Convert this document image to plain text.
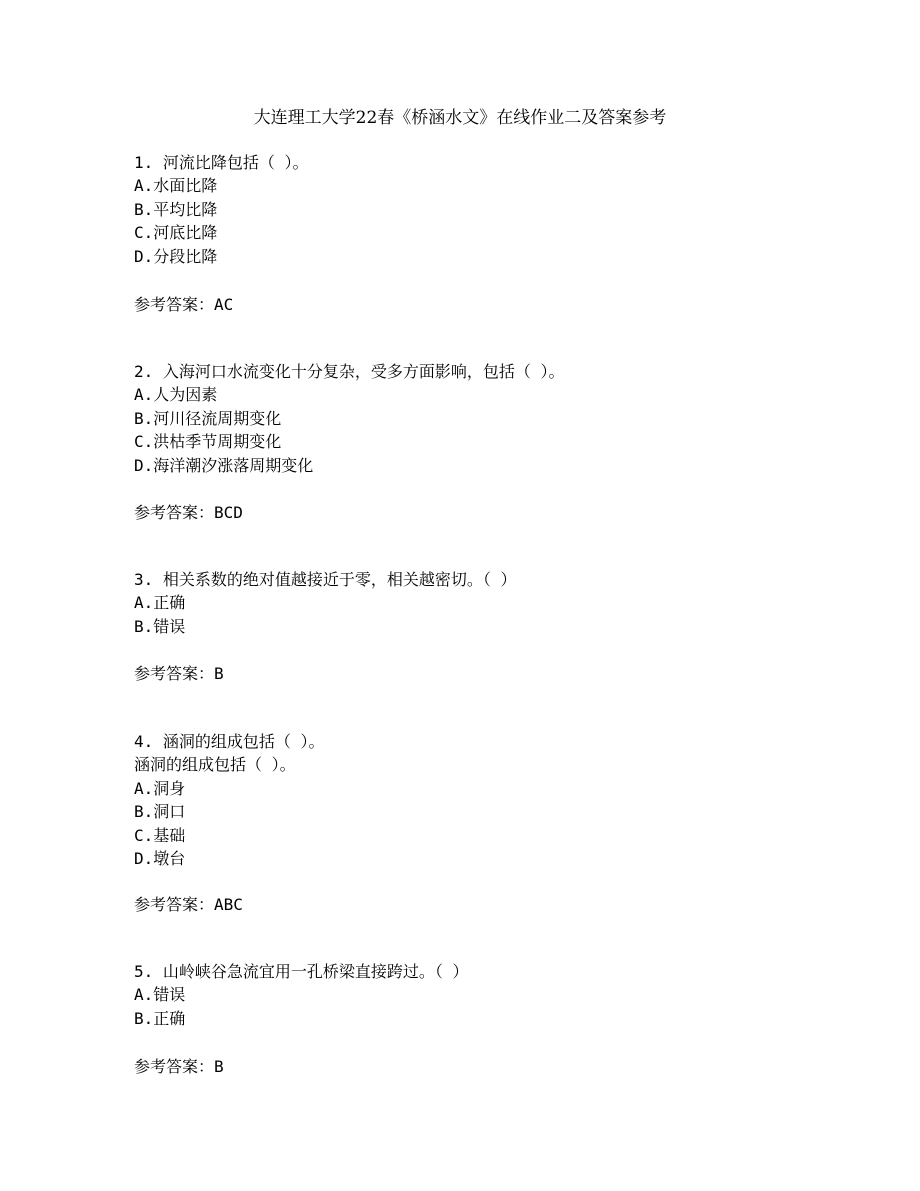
大连理工大学22春《桥涵水文》在线作业二及答案参考
1. 河流比降包括（ ）。
A.水面比降
B.平均比降
C.河底比降
D.分段比降
参考答案：AC
2. 入海河口水流变化十分复杂，受多方面影响，包括（ ）。
A.人为因素
B.河川径流周期变化
C.洪枯季节周期变化
D.海洋潮汐涨落周期变化
参考答案：BCD
3. 相关系数的绝对值越接近于零，相关越密切。（ ）
A.正确
B.错误
参考答案：B
4. 涵洞的组成包括（ ）。
涵洞的组成包括（ ）。
A.洞身
B.洞口
C.基础
D.墩台
参考答案：ABC
5. 山岭峡谷急流宜用一孔桥梁直接跨过。（ ）
A.错误
B.正确
参考答案：B
